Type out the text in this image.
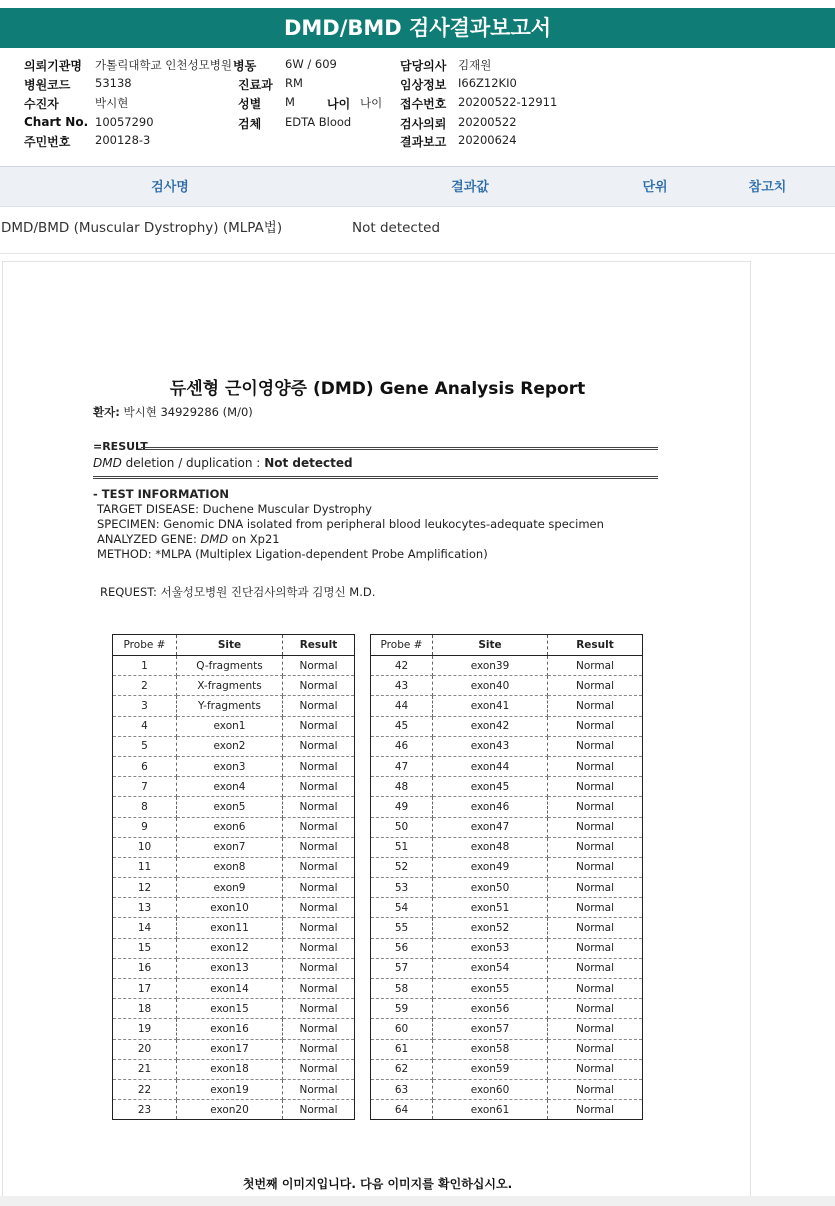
DMD/BMD 검사결과보고서
의뢰기관명 가톨릭대학교 인천성모병원 병동	6W / 609	담당의사 김재원
병원코드 53138	진료과 RM	임상정보 I66Z12KI0
수진자	박시현	성별 M	나이 나이 접수번호 20200522-12911
Chart No. 10057290	검체 EDTA Blood	검사의뢰 20200522
주민번호 200128-3	결과보고 20200624
검사명	결과값	단위	참고치
DMD/BMD (Muscular Dystrophy) (MLPA법)	Not detected
듀센형 근이영양증 (DMD) Gene Analysis Report
환자: 박시현 34929286 (M/0)
=RESULT
DMD deletion / duplication : Not detected
- TEST INFORMATION
TARGET DISEASE: Duchene Muscular Dystrophy
SPECIMEN: Genomic DNA isolated from peripheral blood leukocytes-adequate specimen
ANALYZED GENE: DMD on Xp21
METHOD: *MLPA (Multiplex Ligation-dependent Probe Amplification)
REQUEST: 서울성모병원 진단검사의학과 김명신 M.D.
Probe #	Site	Result
1	Q-fragments	Normal
2	X-fragments	Normal
3	Y-fragments	Normal
4	exon1	Normal
5	exon2	Normal
6	exon3	Normal
7	exon4	Normal
8	exon5	Normal
9	exon6	Normal
10	exon7	Normal
11	exon8	Normal
12	exon9	Normal
13	exon10	Normal
14	exon11	Normal
15	exon12	Normal
16	exon13	Normal
17	exon14	Normal
18	exon15	Normal
19	exon16	Normal
20	exon17	Normal
21	exon18	Normal
22	exon19	Normal
23	exon20	Normal
Probe #	Site	Result
42	exon39	Normal
43	exon40	Normal
44	exon41	Normal
45	exon42	Normal
46	exon43	Normal
47	exon44	Normal
48	exon45	Normal
49	exon46	Normal
50	exon47	Normal
51	exon48	Normal
52	exon49	Normal
53	exon50	Normal
54	exon51	Normal
55	exon52	Normal
56	exon53	Normal
57	exon54	Normal
58	exon55	Normal
59	exon56	Normal
60	exon57	Normal
61	exon58	Normal
62	exon59	Normal
63	exon60	Normal
64	exon61	Normal
첫번째 이미지입니다. 다음 이미지를 확인하십시오.
